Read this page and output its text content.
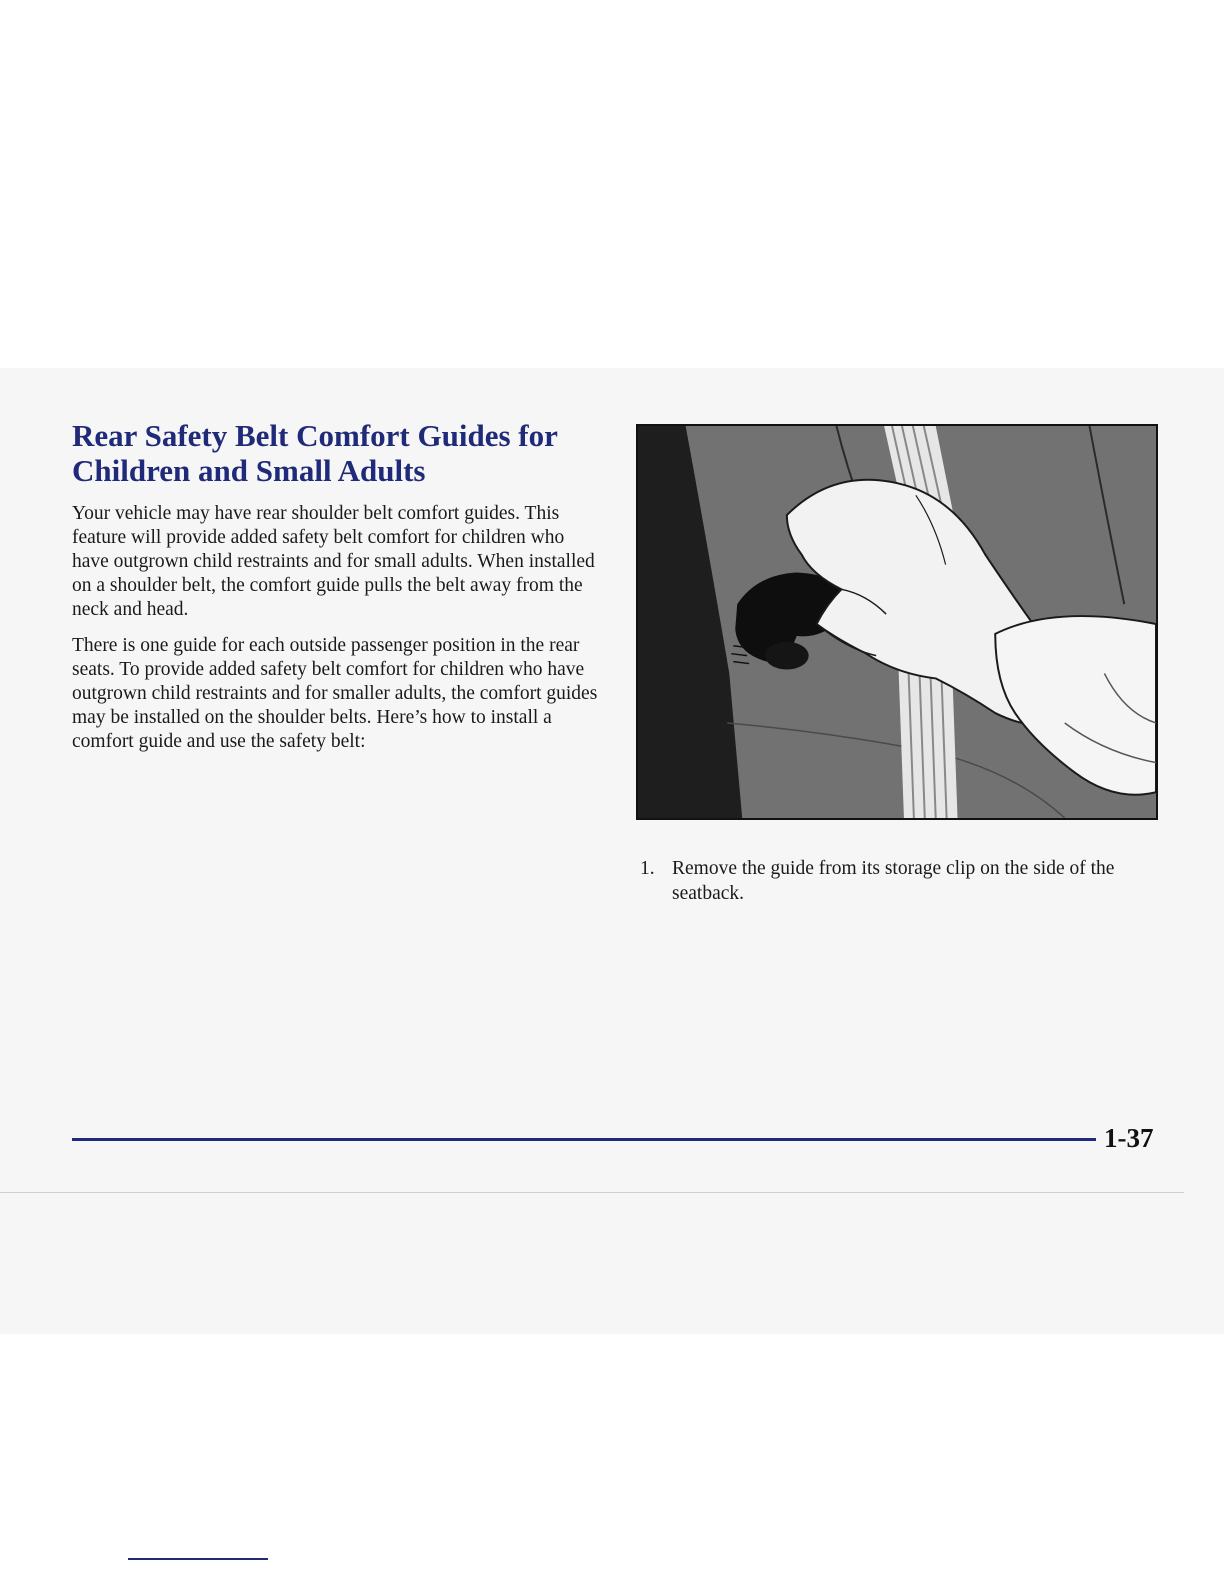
Rear Safety Belt Comfort Guides for Children and Small Adults

Your vehicle may have rear shoulder belt comfort guides. This feature will provide added safety belt comfort for children who have outgrown child restraints and for small adults. When installed on a shoulder belt, the comfort guide pulls the belt away from the neck and head.

There is one guide for each outside passenger position in the rear seats. To provide added safety belt comfort for children who have outgrown child restraints and for smaller adults, the comfort guides may be installed on the shoulder belts. Here’s how to install a comfort guide and use the safety belt:

1. Remove the guide from its storage clip on the side of the seatback.
1-37
